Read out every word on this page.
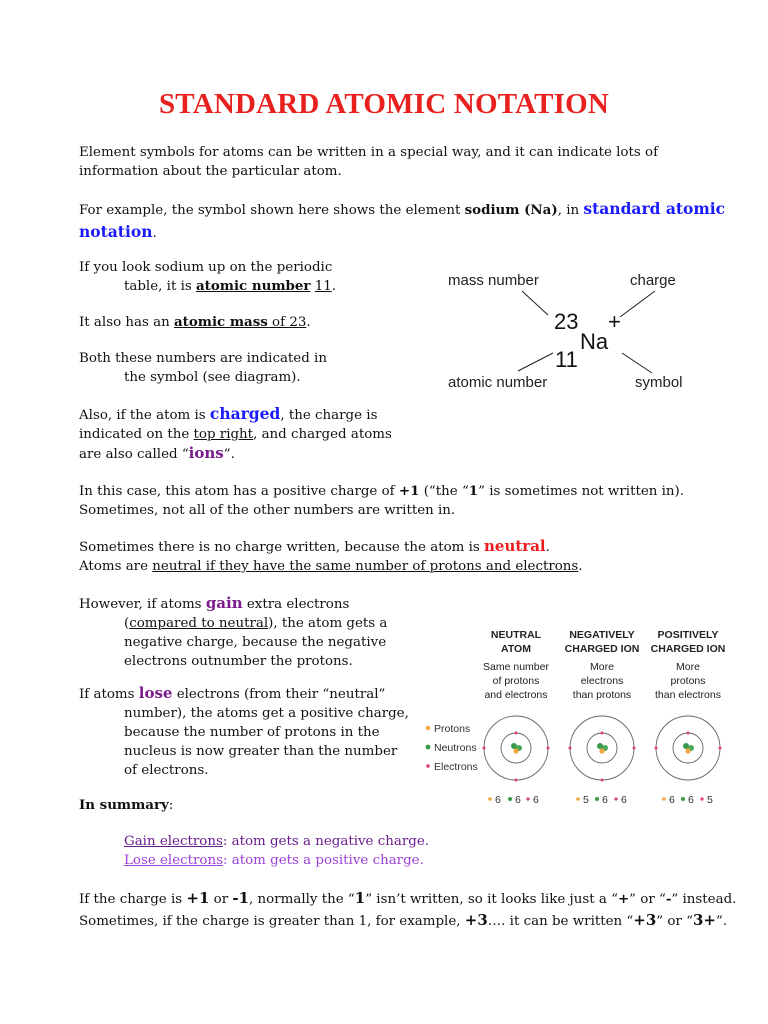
STANDARD ATOMIC NOTATION
Element symbols for atoms can be written in a special way, and it can indicate lots of
information about the particular atom.
For example, the symbol shown here shows the element sodium (Na), in standard atomic
notation.
If you look sodium up on the periodic
table, it is atomic number 11.
It also has an atomic mass of 23.
Both these numbers are indicated in
the symbol (see diagram).
Also, if the atom is charged, the charge is
indicated on the top right, and charged atoms
are also called “ions”.
In this case, this atom has a positive charge of +1 (“the “1” is sometimes not written in).
Sometimes, not all of the other numbers are written in.
Sometimes there is no charge written, because the atom is neutral.
Atoms are neutral if they have the same number of protons and electrons.
However, if atoms gain extra electrons
(compared to neutral), the atom gets a
negative charge, because the negative
electrons outnumber the protons.
If atoms lose electrons (from their “neutral”
number), the atoms get a positive charge,
because the number of protons in the
nucleus is now greater than the number
of electrons.
In summary:
Gain electrons: atom gets a negative charge.
Lose electrons: atom gets a positive charge.
If the charge is +1 or -1, normally the “1” isn’t written, so it looks like just a “+” or “-” instead.
Sometimes, if the charge is greater than 1, for example, +3…. it can be written “+3” or “3+”.
mass number	charge
23 +
Na
11
atomic number	symbol
NEUTRAL
ATOM
Same number
of protons
and electrons
NEGATIVELY
CHARGED ION
More
electrons
than protons
POSITIVELY
CHARGED ION
More
protons
than electrons
Protons
Neutrons
Electrons
6 6 6	5 6 6	6 6 5
